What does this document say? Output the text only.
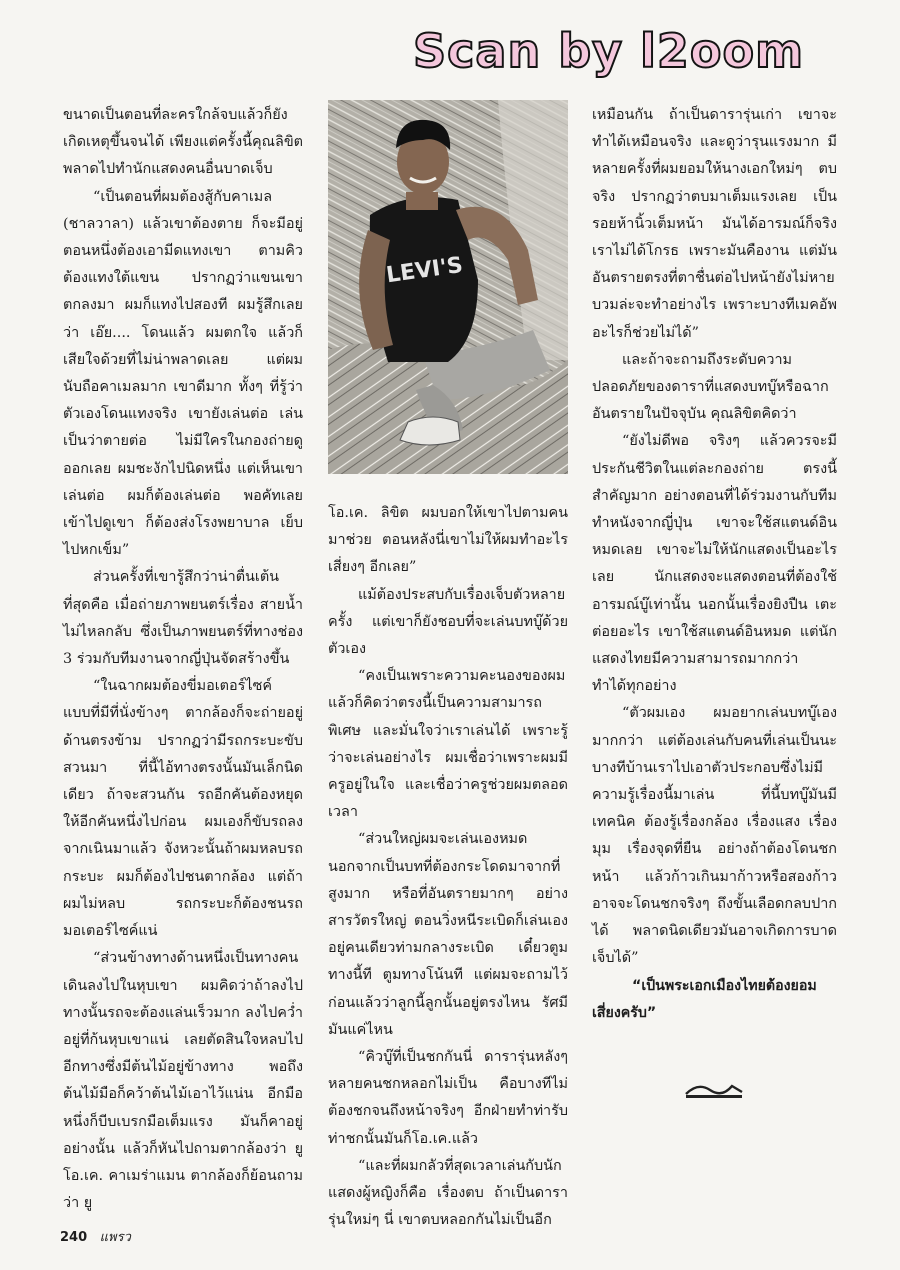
Scan by l2oom

ขนาดเป็นตอนที่ละครใกล้จบแล้วก็ยังเกิดเหตุขึ้นจนได้ เพียงแต่ครั้งนี้คุณลิขิตพลาดไปทำนักแสดงคนอื่นบาดเจ็บ

“เป็นตอนที่ผมต้องสู้กับคาเมล (ชาลวาลา) แล้วเขาต้องตาย ก็จะมีอยู่ตอนหนึ่งต้องเอามีดแทงเขา ตามคิวต้องแทงใต้แขน ปรากฏว่าแขนเขาตกลงมา ผมก็แทงไปสองที ผมรู้สึกเลยว่า เอ๊ย.... โดนแล้ว ผมตกใจ แล้วก็เสียใจด้วยที่ไม่น่าพลาดเลย แต่ผมนับถือคาเมลมาก เขาดีมาก ทั้งๆ ที่รู้ว่าตัวเองโดนแทงจริง เขายังเล่นต่อ เล่นเป็นว่าตายต่อ ไม่มีใครในกองถ่ายดูออกเลย ผมชะงักไปนิดหนึ่ง แต่เห็นเขาเล่นต่อ ผมก็ต้องเล่นต่อ พอคัทเลยเข้าไปดูเขา ก็ต้องส่งโรงพยาบาล เย็บไปหกเข็ม”

ส่วนครั้งที่เขารู้สึกว่าน่าตื่นเต้นที่สุดคือ เมื่อถ่ายภาพยนตร์เรื่อง สายน้ำไม่ไหลกลับ ซึ่งเป็นภาพยนตร์ที่ทางช่อง 3 ร่วมกับทีมงานจากญี่ปุ่นจัดสร้างขึ้น

“ในฉากผมต้องขี่มอเตอร์ไซค์ แบบที่มีที่นั่งข้างๆ ตากล้องก็จะถ่ายอยู่ด้านตรงข้าม ปรากฏว่ามีรถกระบะขับสวนมา ที่นี้ไอ้ทางตรงนั้นมันเล็กนิดเดียว ถ้าจะสวนกัน รถอีกคันต้องหยุดให้อีกคันหนึ่งไปก่อน ผมเองก็ขับรถลงจากเนินมาแล้ว จังหวะนั้นถ้าผมหลบรถกระบะ ผมก็ต้องไปชนตากล้อง แต่ถ้าผมไม่หลบ รถกระบะก็ต้องชนรถมอเตอร์ไซค์แน่

“ส่วนข้างทางด้านหนึ่งเป็นทางคนเดินลงไปในหุบเขา ผมคิดว่าถ้าลงไปทางนั้นรถจะต้องแล่นเร็วมาก ลงไปคว่ำอยู่ที่ก้นหุบเขาแน่ เลยตัดสินใจหลบไปอีกทางซึ่งมีต้นไม้อยู่ข้างทาง พอถึงต้นไม้มือก็คว้าต้นไม้เอาไว้แน่น อีกมือหนึ่งก็บีบเบรกมือเต็มแรง มันก็คาอยู่อย่างนั้น แล้วก็หันไปถามตากล้องว่า ยู โอ.เค. คาเมร่าแมน ตากล้องก็ย้อนถามว่า ยู

LEVI'S

โอ.เค. ลิขิต ผมบอกให้เขาไปตามคนมาช่วย ตอนหลังนี่เขาไม่ให้ผมทำอะไรเสี่ยงๆ อีกเลย”

แม้ต้องประสบกับเรื่องเจ็บตัวหลายครั้ง แต่เขาก็ยังชอบที่จะเล่นบทบู๊ด้วยตัวเอง

“คงเป็นเพราะความคะนองของผม แล้วก็คิดว่าตรงนี้เป็นความสามารถพิเศษ และมั่นใจว่าเราเล่นได้ เพราะรู้ว่าจะเล่นอย่างไร ผมเชื่อว่าเพราะผมมีครูอยู่ในใจ และเชื่อว่าครูช่วยผมตลอดเวลา

“ส่วนใหญ่ผมจะเล่นเองหมด นอกจากเป็นบทที่ต้องกระโดดมาจากที่สูงมาก หรือที่อันตรายมากๆ อย่าง สารวัตรใหญ่ ตอนวิ่งหนีระเบิดก็เล่นเอง อยู่คนเดียวท่ามกลางระเบิด เดี๋ยวตูมทางนี้ที ตูมทางโน้นที แต่ผมจะถามไว้ก่อนแล้วว่าลูกนี้ลูกนั้นอยู่ตรงไหน รัศมีมันแค่ไหน

“คิวบู๊ที่เป็นชกกันนี่ ดารารุ่นหลังๆ หลายคนชกหลอกไม่เป็น คือบางทีไม่ต้องชกจนถึงหน้าจริงๆ อีกฝ่ายทำท่ารับท่าชกนั้นมันก็โอ.เค.แล้ว

“และที่ผมกลัวที่สุดเวลาเล่นกับนักแสดงผู้หญิงก็คือ เรื่องตบ ถ้าเป็นดารารุ่นใหม่ๆ นี่ เขาตบหลอกกันไม่เป็นอีก

เหมือนกัน ถ้าเป็นดารารุ่นเก่า เขาจะทำได้เหมือนจริง และดูว่ารุนแรงมาก มีหลายครั้งที่ผมยอมให้นางเอกใหม่ๆ ตบจริง ปรากฏว่าตบมาเต็มแรงเลย เป็นรอยห้านิ้วเต็มหน้า มันได้อารมณ์ก็จริง เราไม่ได้โกรธ เพราะมันคืองาน แต่มันอันตรายตรงที่ตาชื่นต่อไปหน้ายังไม่หายบวมล่ะจะทำอย่างไร เพราะบางทีเมคอัพอะไรก็ช่วยไม่ได้”

และถ้าจะถามถึงระดับความปลอดภัยของดาราที่แสดงบทบู๊หรือฉากอันตรายในปัจจุบัน คุณลิขิตคิดว่า

“ยังไม่ดีพอ จริงๆ แล้วควรจะมีประกันชีวิตในแต่ละกองถ่าย ตรงนี้สำคัญมาก อย่างตอนที่ได้ร่วมงานกับทีมทำหนังจากญี่ปุ่น เขาจะใช้สแตนด์อินหมดเลย เขาจะไม่ให้นักแสดงเป็นอะไรเลย นักแสดงจะแสดงตอนที่ต้องใช้อารมณ์บู๊เท่านั้น นอกนั้นเรื่องยิงปืน เตะต่อยอะไร เขาใช้สแตนด์อินหมด แต่นักแสดงไทยมีความสามารถมากกว่า ทำได้ทุกอย่าง

“ตัวผมเอง ผมอยากเล่นบทบู๊เองมากกว่า แต่ต้องเล่นกับคนที่เล่นเป็นนะ บางทีบ้านเราไปเอาตัวประกอบซึ่งไม่มีความรู้เรื่องนี้มาเล่น ที่นี้บทบู๊มันมีเทคนิค ต้องรู้เรื่องกล้อง เรื่องแสง เรื่องมุม เรื่องจุดที่ยืน อย่างถ้าต้องโดนชกหน้า แล้วก้าวเกินมาก้าวหรือสองก้าว อาจจะโดนชกจริงๆ ถึงขั้นเลือดกลบปาก ได้ พลาดนิดเดียวมันอาจเกิดการบาดเจ็บได้”

“เป็นพระเอกเมืองไทยต้องยอมเสี่ยงครับ”

240 แพรว
